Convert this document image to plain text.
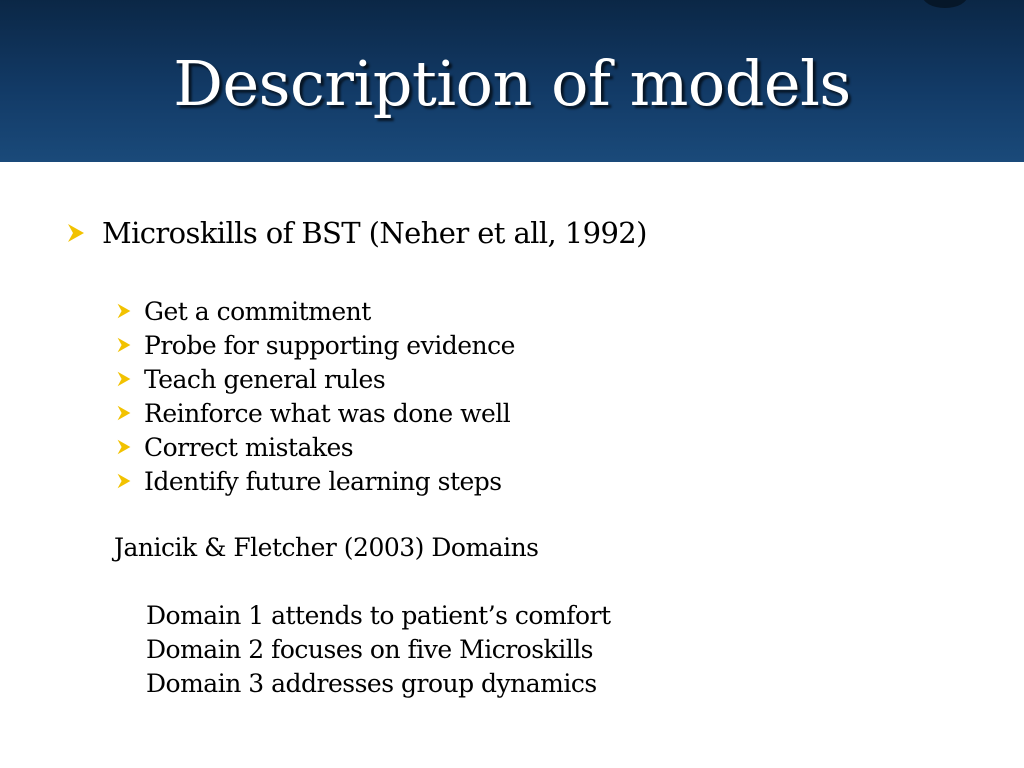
Description of models
Microskills of BST (Neher et all, 1992)
Get a commitment
Probe for supporting evidence
Teach general rules
Reinforce what was done well
Correct mistakes
Identify future learning steps
Janicik & Fletcher (2003) Domains
Domain 1 attends to patient’s comfort
Domain 2 focuses on five Microskills
Domain 3 addresses group dynamics
